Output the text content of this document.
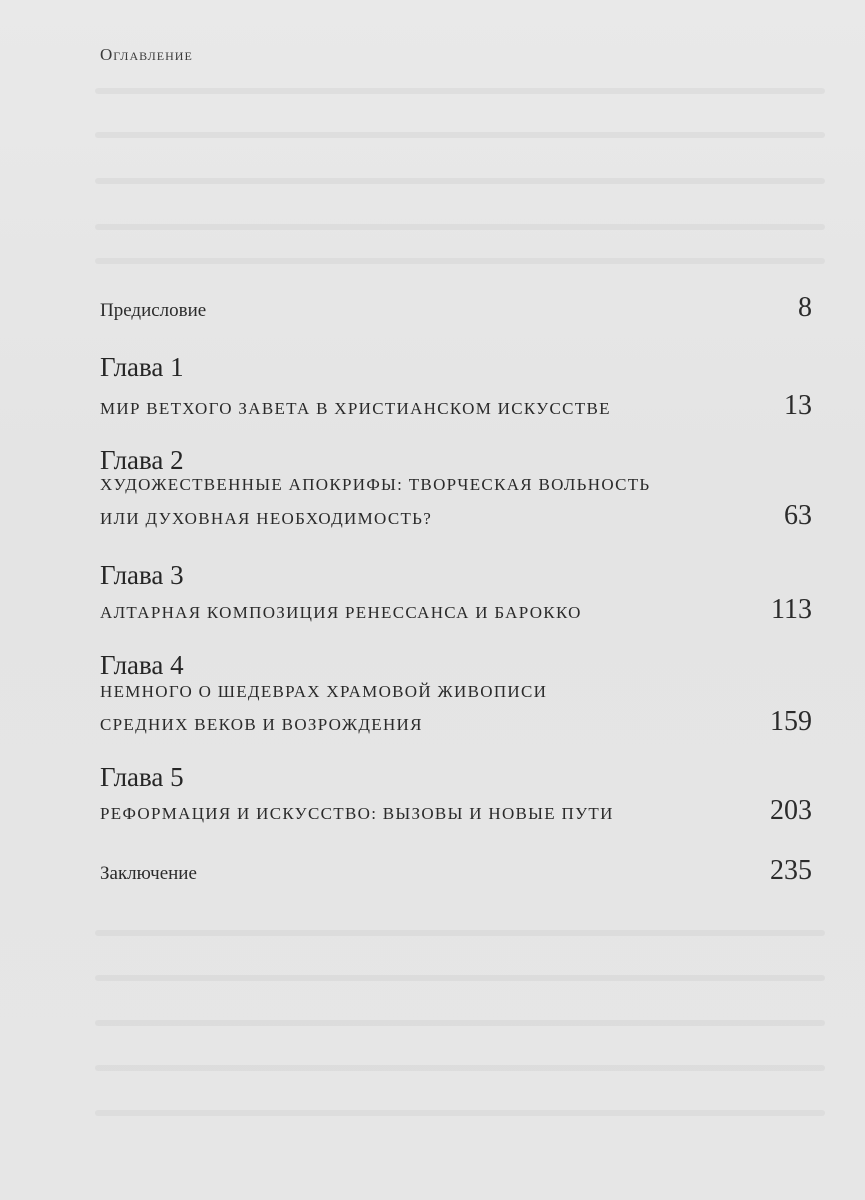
Оглавление
Предисловие	8
Глава 1
МИР ВЕТХОГО ЗАВЕТА В ХРИСТИАНСКОМ ИСКУССТВЕ	13
Глава 2
ХУДОЖЕСТВЕННЫЕ АПОКРИФЫ: ТВОРЧЕСКАЯ ВОЛЬНОСТЬ
ИЛИ ДУХОВНАЯ НЕОБХОДИМОСТЬ?	63
Глава 3
АЛТАРНАЯ КОМПОЗИЦИЯ РЕНЕССАНСА И БАРОККО	113
Глава 4
НЕМНОГО О ШЕДЕВРАХ ХРАМОВОЙ ЖИВОПИСИ
СРЕДНИХ ВЕКОВ И ВОЗРОЖДЕНИЯ	159
Глава 5
РЕФОРМАЦИЯ И ИСКУССТВО: ВЫЗОВЫ И НОВЫЕ ПУТИ	203
Заключение	235
